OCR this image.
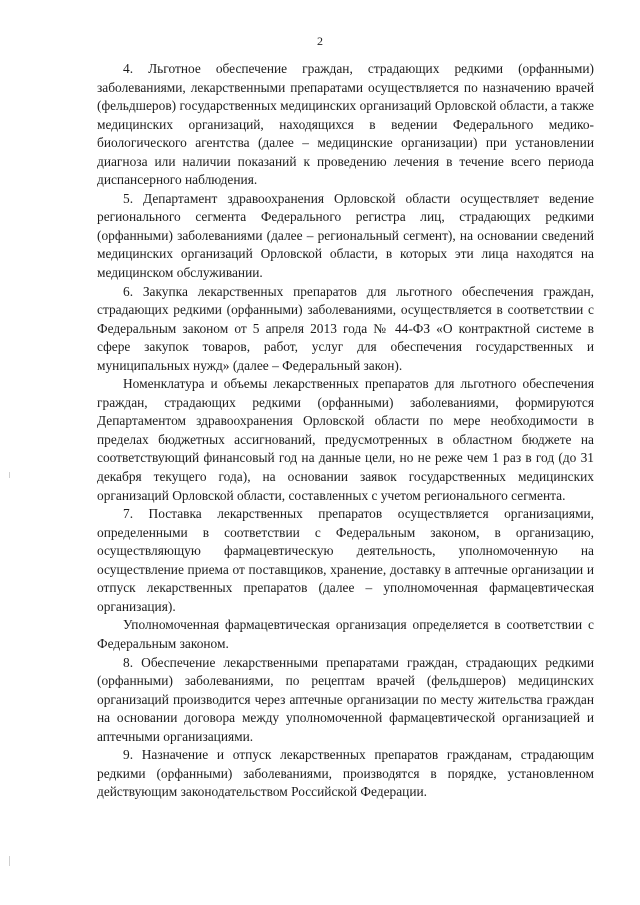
2

4. Льготное обеспечение граждан, страдающих редкими (орфанными) заболеваниями, лекарственными препаратами осуществляется по назначению врачей (фельдшеров) государственных медицинских организаций Орловской области, а также медицинских организаций, находящихся в ведении Федерального медико-биологического агентства (далее – медицинские организации) при установлении диагноза или наличии показаний к проведению лечения в течение всего периода диспансерного наблюдения.

5. Департамент здравоохранения Орловской области осуществляет ведение регионального сегмента Федерального регистра лиц, страдающих редкими (орфанными) заболеваниями (далее – региональный сегмент), на основании сведений медицинских организаций Орловской области, в которых эти лица находятся на медицинском обслуживании.

6. Закупка лекарственных препаратов для льготного обеспечения граждан, страдающих редкими (орфанными) заболеваниями, осуществляется в соответствии с Федеральным законом от 5 апреля 2013 года № 44-ФЗ «О контрактной системе в сфере закупок товаров, работ, услуг для обеспечения государственных и муниципальных нужд» (далее – Федеральный закон).

Номенклатура и объемы лекарственных препаратов для льготного обеспечения граждан, страдающих редкими (орфанными) заболеваниями, формируются Департаментом здравоохранения Орловской области по мере необходимости в пределах бюджетных ассигнований, предусмотренных в областном бюджете на соответствующий финансовый год на данные цели, но не реже чем 1 раз в год (до 31 декабря текущего года), на основании заявок государственных медицинских организаций Орловской области, составленных с учетом регионального сегмента.

7. Поставка лекарственных препаратов осуществляется организациями, определенными в соответствии с Федеральным законом, в организацию, осуществляющую фармацевтическую деятельность, уполномоченную на осуществление приема от поставщиков, хранение, доставку в аптечные организации и отпуск лекарственных препаратов (далее – уполномоченная фармацевтическая организация).

Уполномоченная фармацевтическая организация определяется в соответствии с Федеральным законом.

8. Обеспечение лекарственными препаратами граждан, страдающих редкими (орфанными) заболеваниями, по рецептам врачей (фельдшеров) медицинских организаций производится через аптечные организации по месту жительства граждан на основании договора между уполномоченной фармацевтической организацией и аптечными организациями.

9. Назначение и отпуск лекарственных препаратов гражданам, страдающим редкими (орфанными) заболеваниями, производятся в порядке, установленном действующим законодательством Российской Федерации.
